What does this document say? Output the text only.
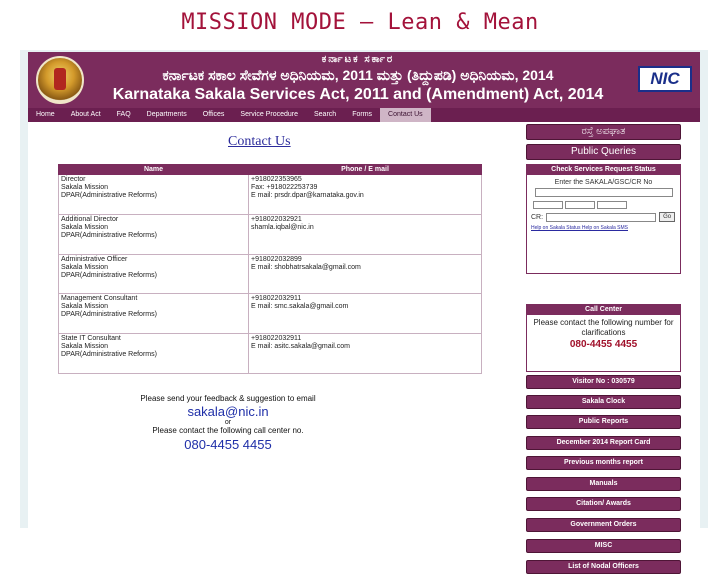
MISSION MODE – Lean & Mean
ಕರ್ನಾಟಕ ಸರ್ಕಾರ
ಕರ್ನಾಟಕ ಸಕಾಲ ಸೇವೆಗಳ ಅಧಿನಿಯಮ, 2011 ಮತ್ತು (ತಿದ್ದುಪಡಿ) ಅಧಿನಿಯಮ, 2014
Karnataka Sakala Services Act, 2011 and (Amendment) Act, 2014
NIC
Home	About Act	FAQ	Departments	Offices	Service Procedure	Search	Forms	Contact Us
Contact Us
Name	Phone / E mail
Director
Sakala Mission
DPAR(Administrative Reforms)	+918022353965
Fax: +918022253739
E mail: prsdr.dpar@karnataka.gov.in
Additional Director
Sakala Mission
DPAR(Administrative Reforms)	+918022032921
shamla.iqbal@nic.in
Administrative Officer
Sakala Mission
DPAR(Administrative Reforms)	+918022032899
E mail: shobhatrsakala@gmail.com
Management Consultant
Sakala Mission
DPAR(Administrative Reforms)	+918022032911
E mail: smc.sakala@gmail.com
State IT Consultant
Sakala Mission
DPAR(Administrative Reforms)	+918022032911
E mail: asitc.sakala@gmail.com
Please send your feedback & suggestion to email
sakala@nic.in
or
Please contact the following call center no.
080-4455 4455
ರಸ್ತೆ ಅಪಘಾತ
Public Queries
Check Services Request Status
Enter the SAKALA/GSC/CR No
CR:	Go
Help on Sakala Status Help on Sakala SMS
Call Center
Please contact the following number for clarifications
080-4455 4455
Visitor No : 030579
Sakala Clock
Public Reports
December 2014 Report Card
Previous months report
Manuals
Citation/ Awards
Government Orders
MISC
List of Nodal Officers
